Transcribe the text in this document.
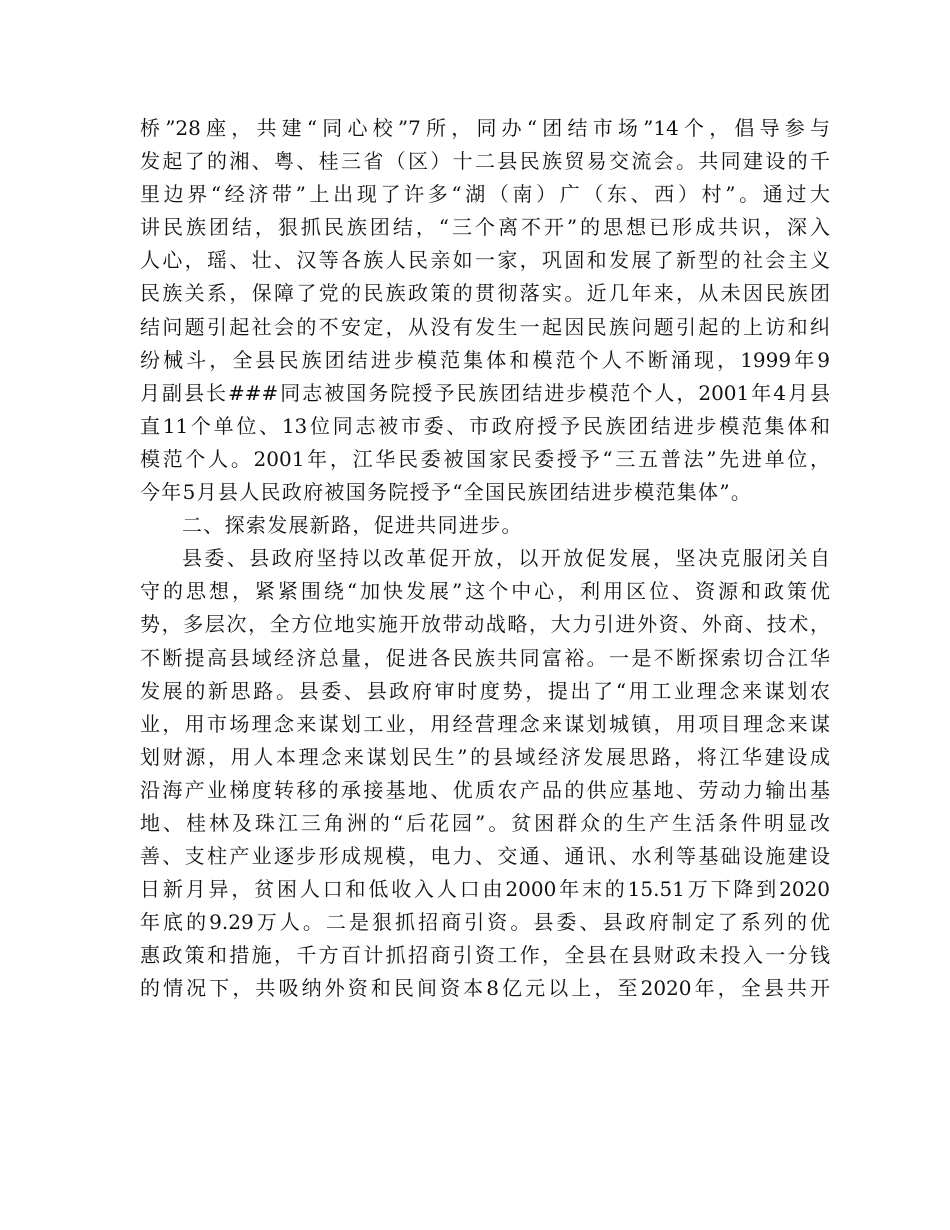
桥”28座，共建“同心校”7所，同办“团结市场”14个，倡导参与
发起了的湘、粤、桂三省（区）十二县民族贸易交流会。共同建设的千
里边界“经济带”上出现了许多“湖（南）广（东、西）村”。通过大
讲民族团结，狠抓民族团结，“三个离不开”的思想已形成共识，深入
人心，瑶、壮、汉等各族人民亲如一家，巩固和发展了新型的社会主义
民族关系，保障了党的民族政策的贯彻落实。近几年来，从未因民族团
结问题引起社会的不安定，从没有发生一起因民族问题引起的上访和纠
纷械斗，全县民族团结进步模范集体和模范个人不断涌现，1999年9
月副县长###同志被国务院授予民族团结进步模范个人，2001年4月县
直11个单位、13位同志被市委、市政府授予民族团结进步模范集体和
模范个人。2001年，江华民委被国家民委授予“三五普法”先进单位，
今年5月县人民政府被国务院授予“全国民族团结进步模范集体”。
二、探索发展新路，促进共同进步。
县委、县政府坚持以改革促开放，以开放促发展，坚决克服闭关自
守的思想，紧紧围绕“加快发展”这个中心，利用区位、资源和政策优
势，多层次，全方位地实施开放带动战略，大力引进外资、外商、技术，
不断提高县域经济总量，促进各民族共同富裕。一是不断探索切合江华
发展的新思路。县委、县政府审时度势，提出了“用工业理念来谋划农
业，用市场理念来谋划工业，用经营理念来谋划城镇，用项目理念来谋
划财源，用人本理念来谋划民生”的县域经济发展思路，将江华建设成
沿海产业梯度转移的承接基地、优质农产品的供应基地、劳动力输出基
地、桂林及珠江三角洲的“后花园”。贫困群众的生产生活条件明显改
善、支柱产业逐步形成规模，电力、交通、通讯、水利等基础设施建设
日新月异，贫困人口和低收入人口由2000年末的15.51万下降到2020
年底的9.29万人。二是狠抓招商引资。县委、县政府制定了系列的优
惠政策和措施，千方百计抓招商引资工作，全县在县财政未投入一分钱
的情况下，共吸纳外资和民间资本8亿元以上，至2020年，全县共开
